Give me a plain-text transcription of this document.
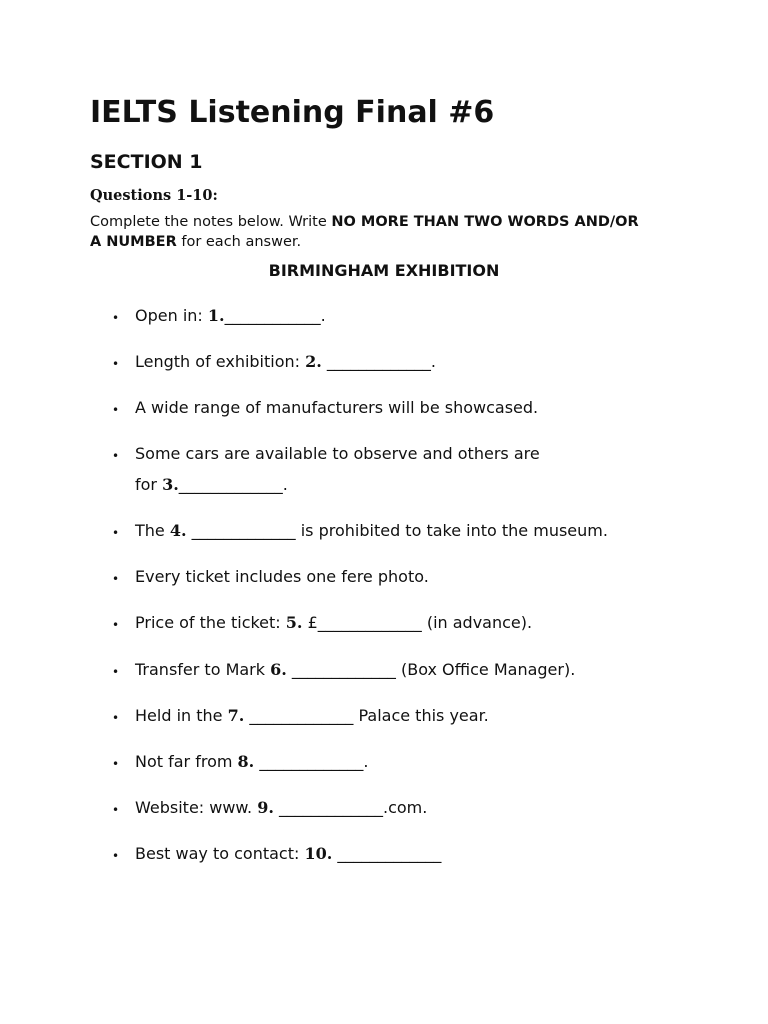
IELTS Listening Final #6
SECTION 1

Questions 1-10:

Complete the notes below. Write NO MORE THAN TWO WORDS AND/OR
A NUMBER for each answer.

BIRMINGHAM EXHIBITION
• Open in: 1.____________.
• Length of exhibition: 2. _____________.
• A wide range of manufacturers will be showcased.
• Some cars are available to observe and others are
for 3._____________.
• The 4. _____________ is prohibited to take into the museum.
• Every ticket includes one fere photo.
• Price of the ticket: 5. £_____________ (in advance).
• Transfer to Mark 6. _____________ (Box Office Manager).
• Held in the 7. _____________ Palace this year.
• Not far from 8. _____________.
• Website: www. 9. _____________.com.
• Best way to contact: 10. _____________
